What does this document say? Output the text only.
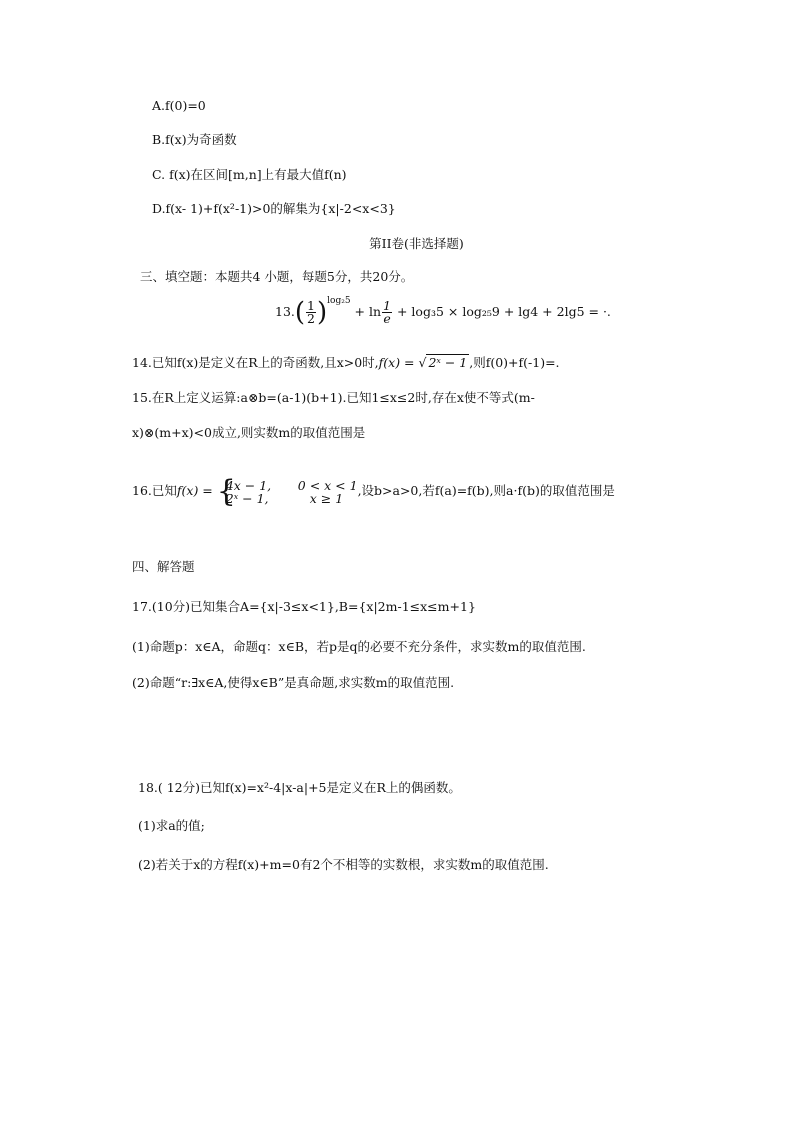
A.f(0)=0
B.f(x)为奇函数
C. f(x)在区间[m,n]上有最大值f(n)
D.f(x- 1)+f(x²-1)>0的解集为{x|-2<x<3}
第II卷(非选择题)
三、填空题：本题共4 小题，每题5分，共20分。
$13.( \frac{1}{2} )^{log_25} + \ln \frac{1}{e} + \log_35 \times \log_{25}9 + \lg 4 + 2\lg 5$ = ·.
14.已知f(x)是定义在R上的奇函数,且x>0时,f(x) = √ 2ˣ − 1 ,则f(0)+f(-1)=.
15.在R上定义运算:a⊗b=(a-1)(b+1).已知1≤x≤2时,存在x使不等式(m-
x)⊗(m+x)<0成立,则实数m的取值范围是
16.已知f(x) = {
4x − 1,	0 < x < 1
2ˣ − 1,	x ≥ 1 ,设b>a>0,若f(a)=f(b),则a·f(b)的取值范围是
四、解答题
17.(10分)已知集合A={x|-3≤x<1},B={x|2m-1≤x≤m+1}
(1)命题p：x∈A，命题q：x∈B，若p是q的必要不充分条件，求实数m的取值范围.
(2)命题“r:∃x∈A,使得x∈B”是真命题,求实数m的取值范围.
18.( 12分)已知f(x)=x²-4|x-a|+5是定义在R上的偶函数。
(1)求a的值;
(2)若关于x的方程f(x)+m=0有2个不相等的实数根，求实数m的取值范围.
